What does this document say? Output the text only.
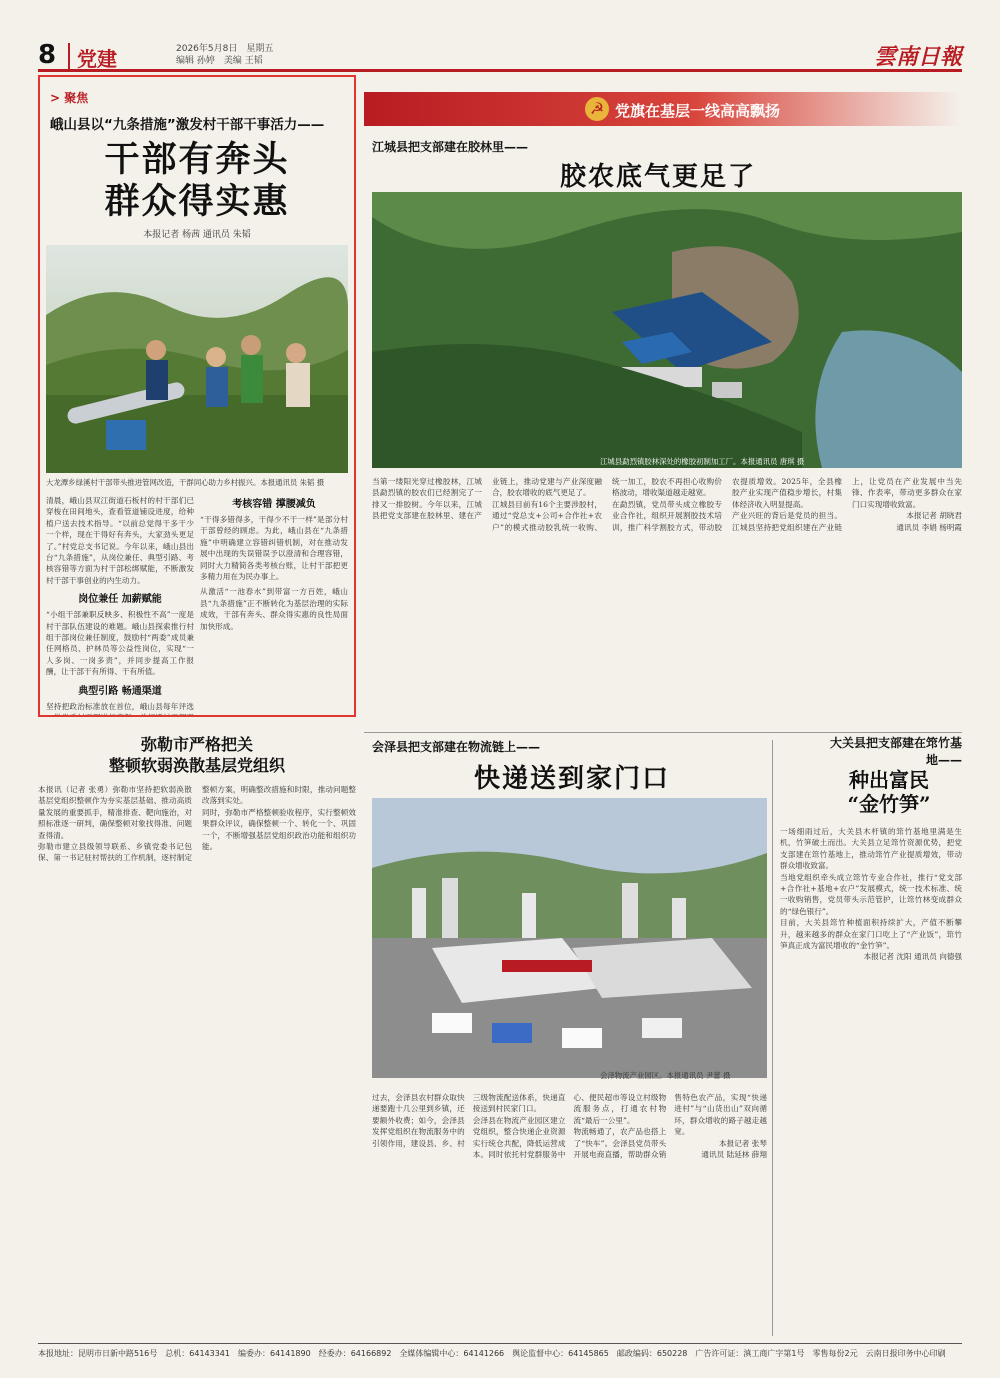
8	党建	2026年5月8日　星期五
编辑 孙婷　美编 王韬	雲南日報
> 聚焦
峨山县以“九条措施”激发村干部干事活力——
干部有奔头
群众得实惠
本报记者 杨茜 通讯员 朱韬
大龙潭乡绿溪村干部带头推进管网改造，干群同心助力乡村振兴。本报通讯员 朱韬 摄

清晨，峨山县双江街道石板村的村干部们已穿梭在田间地头，查看管道铺设进度，给种植户送去技术指导。“以前总觉得干多干少一个样，现在干得好有奔头，大家劲头更足了。”村党总支书记说。今年以来，峨山县出台“九条措施”，从岗位兼任、典型引路、考核容错等方面为村干部松绑赋能，不断激发村干部干事创业的内生动力。

岗位兼任 加薪赋能

“小组干部兼职反映多、积极性不高”一度是村干部队伍建设的难题。峨山县探索推行村组干部岗位兼任制度，鼓励村“两委”成员兼任网格员、护林员等公益性岗位，实现“一人多岗、一岗多责”，并同步提高工作报酬，让干部干有所得、干有所值。

典型引路 畅通渠道

坚持把政治标准放在首位，峨山县每年评选

考核容错 撑腰减负

“干得多错得多，干得少不干一样”是部分村干部曾经的顾虑。为此，峨山县在“九条措施”中明确建立容错纠错机制，对在推动发展中出现的失误错误予以澄清和合理容错，同时大力精简各类考核台账，让村干部把更多精力用在为民办事上。

从激活“一池春水”到带富一方百姓，峨山县“九条措施”正不断转化为基层治理的实际成效，干部有奔头、群众得实惠的良性局面加快形成。

☭ 党旗在基层一线高高飘扬
江城县把支部建在胶林里——
胶农底气更足了
江城县勐烈镇胶林深处的橡胶初制加工厂。本报通讯员 唐琪 摄

当第一缕阳光穿过橡胶林，江城县勐烈镇的胶农们已经割完了一排又一排胶树。今年以来，江城县把党支部建在胶林里、建在产业链上，推动党建与产业深度融合，胶农增收的底气更足了。

江城县目前有16个主要涉胶村，通过“党总支+公司+合作社+农户”的模式推动胶乳统一收购、统一加工，胶农不再担心收购价格波动，增收渠道越走越宽。

在勐烈镇，党员带头成立橡胶专业合作社，组织开展割胶技术培训，推广科学割胶方式，带动胶农提质增效。2025年，全县橡胶产业实现产值稳步增长，村集体经济收入明显提高。

产业兴旺的背后是党员的担当。江城县坚持把党组织建在产业链上，让党员在产业发展中当先锋、作表率，带动更多群众在家门口实现增收致富。

本报记者 胡晓君
通讯员 李娟 杨明霞

会泽县把支部建在物流链上——
快递送到家门口
会泽物流产业园区。本报通讯员 尹蕾 摄

过去，会泽县农村群众取快递要跑十几公里到乡镇，还要额外收费；如今，会泽县发挥党组织在物流服务中的引领作用，建设县、乡、村三级物流配送体系，快递直接送到村民家门口。

会泽县在物流产业园区建立党组织，整合快递企业资源实行统仓共配，降低运营成本。同时依托村党群服务中心、便民超市等设立村级物流服务点，打通农村物流“最后一公里”。

物流畅通了，农产品也搭上了“快车”。会泽县党员带头开展电商直播，帮助群众销售特色农产品，实现“快递进村”与“山货出山”双向循环，群众增收的路子越走越宽。

本报记者 张琴
通讯员 陆延林 薛翔

大关县把支部建在筇竹基地——
种出富民
“金竹笋”

一场细雨过后，大关县木杆镇的筇竹基地里满是生机，竹笋破土而出。大关县立足筇竹资源优势，把党支部建在筇竹基地上，推动筇竹产业提质增效，带动群众增收致富。

当地党组织牵头成立筇竹专业合作社，推行“党支部+合作社+基地+农户”发展模式，统一技术标准、统一收购销售，党员带头示范管护，让筇竹林变成群众的“绿色银行”。

目前，大关县筇竹种植面积持续扩大，产值不断攀升，越来越多的群众在家门口吃上了“产业饭”，筇竹笋真正成为富民增收的“金竹笋”。

本报记者 沈阳 通讯员 向德强

弥勒市严格把关
整顿软弱涣散基层党组织

本报讯（记者 张勇）弥勒市坚持把软弱涣散基层党组织整顿作为夯实基层基础、推动高质量发展的重要抓手，精准排查、靶向施治，对照标准逐一研判，确保整顿对象找得准、问题查得清。

弥勒市建立县级领导联系、乡镇党委书记包保、第一书记驻村帮扶的工作机制，逐村制定整顿方案，明确整改措施和时限，推动问题整改落到实处。

同时，弥勒市严格整顿验收程序，实行整顿效果群众评议，确保整顿一个、转化一个、巩固一个，不断增强基层党组织政治功能和组织功能。

本报地址：昆明市日新中路516号　总机：64143341　编委办：64141890　经委办：64166892　全媒体编辑中心：64141266　舆论监督中心：64145865　邮政编码：650228　广告许可证：滇工商广字第1号　零售每份2元　云南日报印务中心印刷
